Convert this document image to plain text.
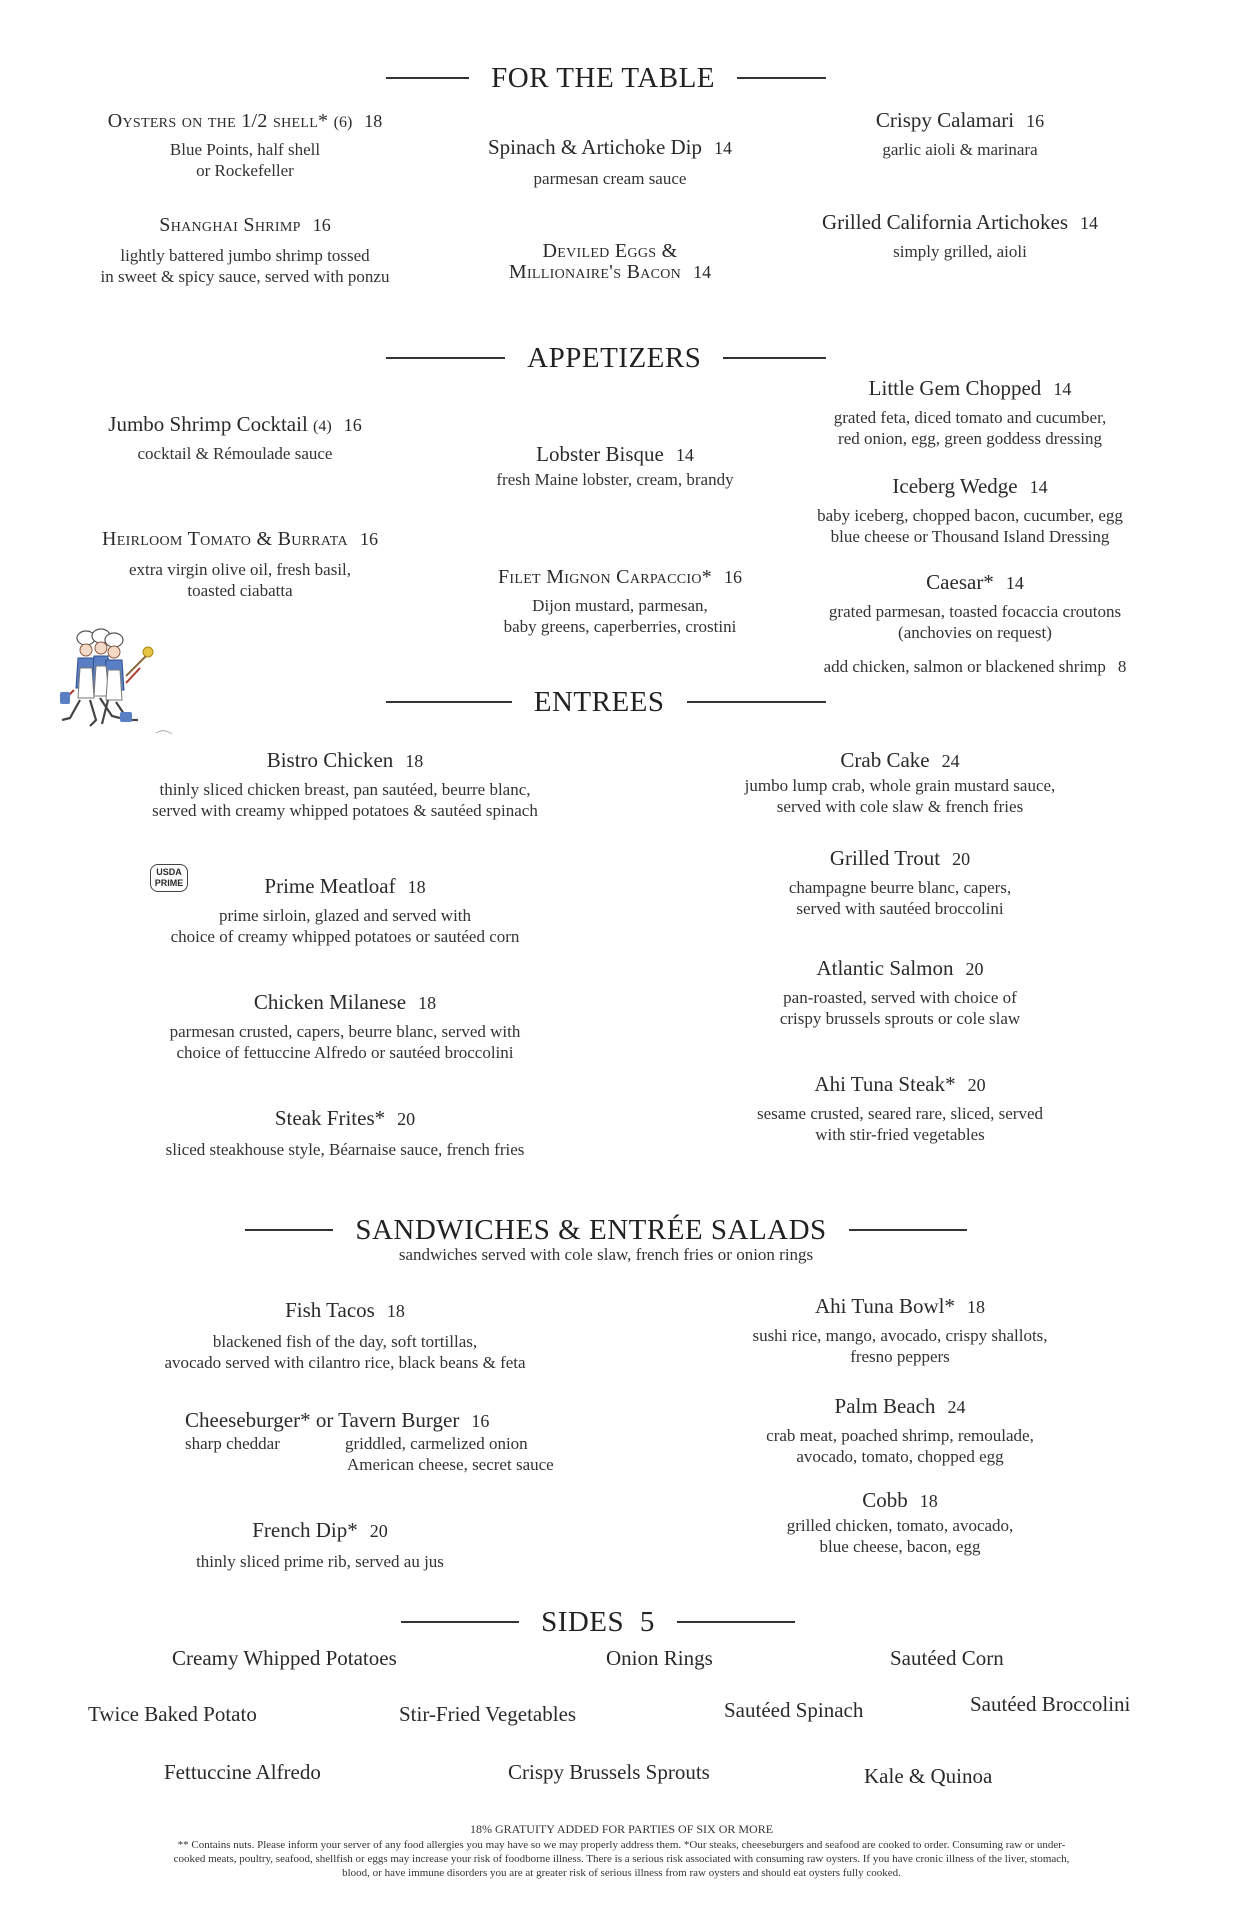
FOR THE TABLE
Oysters on the 1/2 shell* (6) 18
Blue Points, half shell
or Rockefeller
Spinach & Artichoke Dip 14
parmesan cream sauce
Crispy Calamari 16
garlic aioli & marinara
Shanghai Shrimp 16
lightly battered jumbo shrimp tossed
in sweet & spicy sauce, served with ponzu
Deviled Eggs &
Millionaire's Bacon 14
Grilled California Artichokes 14
simply grilled, aioli
APPETIZERS
Little Gem Chopped 14
grated feta, diced tomato and cucumber,
red onion, egg, green goddess dressing
Jumbo Shrimp Cocktail (4) 16
cocktail & Rémoulade sauce	Lobster Bisque 14
fresh Maine lobster, cream, brandy	Iceberg Wedge 14
baby iceberg, chopped bacon, cucumber, egg
blue cheese or Thousand Island Dressing
Heirloom Tomato & Burrata 16
extra virgin olive oil, fresh basil,
toasted ciabatta
Filet Mignon Carpaccio* 16
Dijon mustard, parmesan,
baby greens, caperberries, crostini
Caesar* 14
grated parmesan, toasted focaccia croutons
(anchovies on request)
add chicken, salmon or blackened shrimp 8
ENTREES
Bistro Chicken 18
thinly sliced chicken breast, pan sautéed, beurre blanc,
served with creamy whipped potatoes & sautéed spinach
Crab Cake 24
jumbo lump crab, whole grain mustard sauce,
served with cole slaw & french fries
USDA
PRIME
Grilled Trout 20
champagne beurre blanc, capers,
served with sautéed broccolini
Prime Meatloaf 18
prime sirloin, glazed and served with
choice of creamy whipped potatoes or sautéed corn
Atlantic Salmon 20
pan-roasted, served with choice of
crispy brussels sprouts or cole slaw
Chicken Milanese 18
parmesan crusted, capers, beurre blanc, served with
choice of fettuccine Alfredo or sautéed broccolini
Ahi Tuna Steak* 20
sesame crusted, seared rare, sliced, served
with stir-fried vegetables
Steak Frites* 20
sliced steakhouse style, Béarnaise sauce, french fries
SANDWICHES & ENTRÉE SALADS
sandwiches served with cole slaw, french fries or onion rings
Fish Tacos 18
blackened fish of the day, soft tortillas,
avocado served with cilantro rice, black beans & feta
Ahi Tuna Bowl* 18
sushi rice, mango, avocado, crispy shallots,
fresno peppers
Cheeseburger* or Tavern Burger 16
sharp cheddar	griddled, carmelized onion
American cheese, secret sauce
Palm Beach 24
crab meat, poached shrimp, remoulade,
avocado, tomato, chopped egg
Cobb 18
grilled chicken, tomato, avocado,
blue cheese, bacon, egg
French Dip* 20
thinly sliced prime rib, served au jus
SIDES 5
Creamy Whipped Potatoes	Onion Rings	Sautéed Corn
Twice Baked Potato	Stir-Fried Vegetables	Sautéed Spinach	Sautéed Broccolini
Fettuccine Alfredo	Crispy Brussels Sprouts	Kale & Quinoa
18% GRATUITY ADDED FOR PARTIES OF SIX OR MORE
** Contains nuts. Please inform your server of any food allergies you may have so we may properly address them. *Our steaks, cheeseburgers and seafood are cooked to order. Consuming raw or under-
cooked meats, poultry, seafood, shellfish or eggs may increase your risk of foodborne illness. There is a serious risk associated with consuming raw oysters. If you have cronic illness of the liver, stomach,
blood, or have immune disorders you are at greater risk of serious illness from raw oysters and should eat oysters fully cooked.
